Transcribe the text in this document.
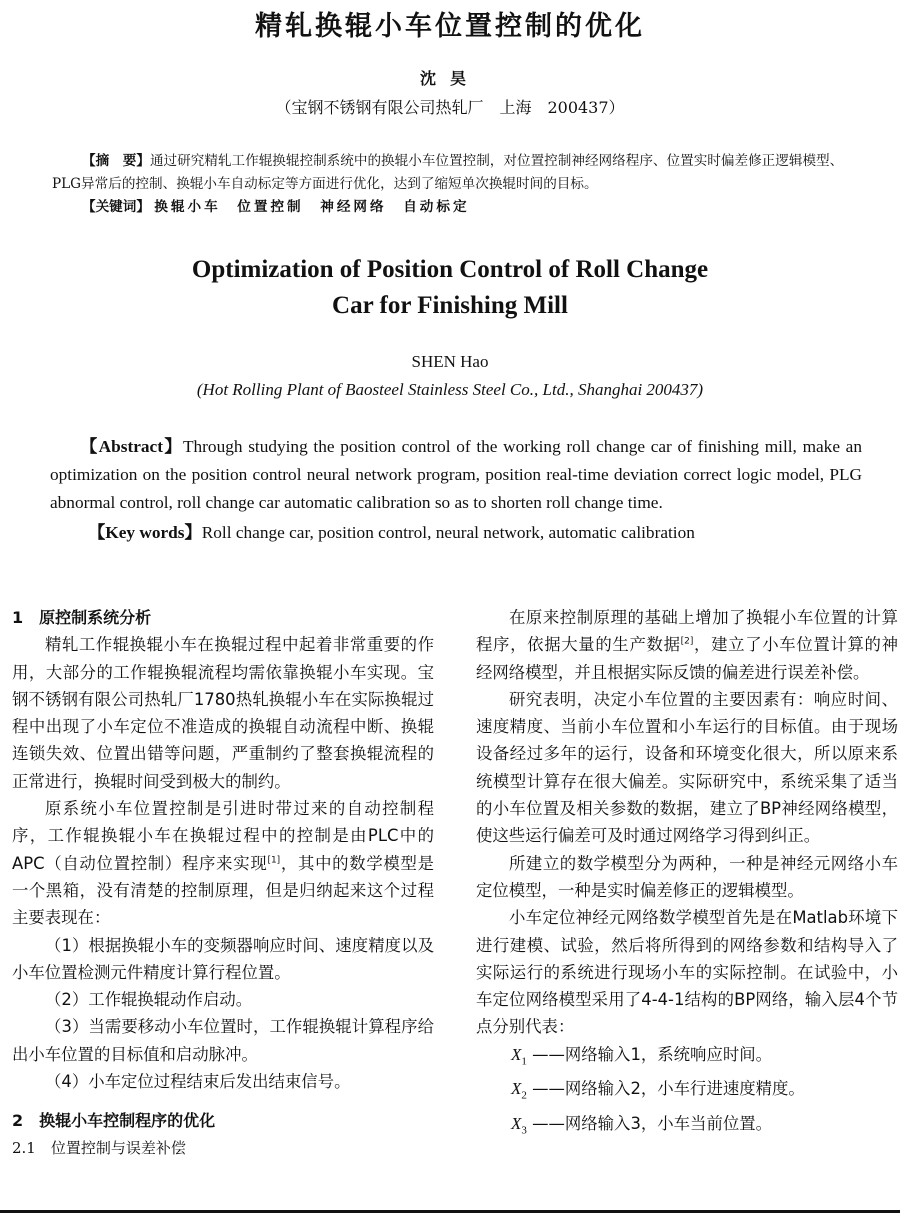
精轧换辊小车位置控制的优化
沈昊
（宝钢不锈钢有限公司热轧厂　上海　200437）

【摘　要】通过研究精轧工作辊换辊控制系统中的换辊小车位置控制，对位置控制神经网络程序、位置实时偏差修正逻辑模型、PLG异常后的控制、换辊小车自动标定等方面进行优化，达到了缩短单次换辊时间的目标。

【关键词】 换辊小车　位置控制　神经网络　自动标定

Optimization of Position Control of Roll Change
Car for Finishing Mill
SHEN Hao
(Hot Rolling Plant of Baosteel Stainless Steel Co., Ltd., Shanghai 200437)

【Abstract】Through studying the position control of the working roll change car of finishing mill, make an optimization on the position control neural network program, position real-time deviation correct logic model, PLG abnormal control, roll change car automatic calibration so as to shorten roll change time.

【Key words】Roll change car, position control, neural network, automatic calibration

1　原控制系统分析

精轧工作辊换辊小车在换辊过程中起着非常重要的作用，大部分的工作辊换辊流程均需依靠换辊小车实现。宝钢不锈钢有限公司热轧厂1780热轧换辊小车在实际换辊过程中出现了小车定位不准造成的换辊自动流程中断、换辊连锁失效、位置出错等问题，严重制约了整套换辊流程的正常进行，换辊时间受到极大的制约。

原系统小车位置控制是引进时带过来的自动控制程序，工作辊换辊小车在换辊过程中的控制是由PLC中的APC（自动位置控制）程序来实现[1]，其中的数学模型是一个黑箱，没有清楚的控制原理，但是归纳起来这个过程主要表现在：

（1）根据换辊小车的变频器响应时间、速度精度以及小车位置检测元件精度计算行程位置。

（2）工作辊换辊动作启动。

（3）当需要移动小车位置时，工作辊换辊计算程序给出小车位置的目标值和启动脉冲。

（4）小车定位过程结束后发出结束信号。

2　换辊小车控制程序的优化

2.1　位置控制与误差补偿

在原来控制原理的基础上增加了换辊小车位置的计算程序，依据大量的生产数据[2]，建立了小车位置计算的神经网络模型，并且根据实际反馈的偏差进行误差补偿。

研究表明，决定小车位置的主要因素有：响应时间、速度精度、当前小车位置和小车运行的目标值。由于现场设备经过多年的运行，设备和环境变化很大，所以原来系统模型计算存在很大偏差。实际研究中，系统采集了适当的小车位置及相关参数的数据，建立了BP神经网络模型，使这些运行偏差可及时通过网络学习得到纠正。

所建立的数学模型分为两种，一种是神经元网络小车定位模型，一种是实时偏差修正的逻辑模型。

小车定位神经元网络数学模型首先是在Matlab环境下进行建模、试验，然后将所得到的网络参数和结构导入了实际运行的系统进行现场小车的实际控制。在试验中，小车定位网络模型采用了4-4-1结构的BP网络，输入层4个节点分别代表：

$X_1$ ——网络输入1，系统响应时间。

$X_2$ ——网络输入2，小车行进速度精度。

$X_3$ ——网络输入3，小车当前位置。
